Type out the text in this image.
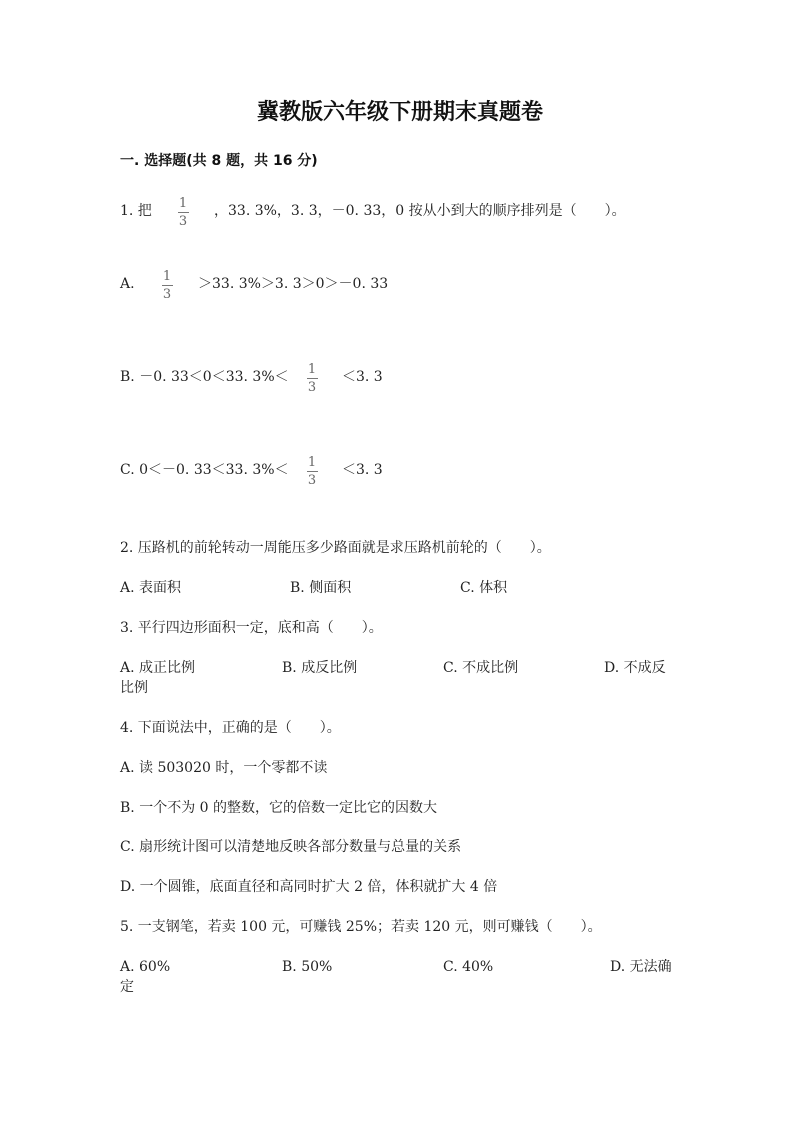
冀教版六年级下册期末真题卷
一. 选择题(共 8 题，共 16 分)
1. 把 1
3
，33. 3%，3. 3，－0. 33，0 按从小到大的顺序排列是（　　）。
A. 1
3
＞33. 3%＞3. 3＞0＞－0. 33
B. －0. 33＜0＜33. 3%＜ 1
3
＜3. 3
C. 0＜－0. 33＜33. 3%＜ 1
3
＜3. 3
2. 压路机的前轮转动一周能压多少路面就是求压路机前轮的（　　）。
A. 表面积	B. 侧面积	C. 体积
3. 平行四边形面积一定，底和高（　　）。
A. 成正比例	B. 成反比例	C. 不成比例	D. 不成反
比例
4. 下面说法中，正确的是（　　）。
A. 读 503020 时，一个零都不读
B. 一个不为 0 的整数，它的倍数一定比它的因数大
C. 扇形统计图可以清楚地反映各部分数量与总量的关系
D. 一个圆锥，底面直径和高同时扩大 2 倍，体积就扩大 4 倍
5. 一支钢笔，若卖 100 元，可赚钱 25%；若卖 120 元，则可赚钱（　　）。
A. 60%	B. 50%	C. 40%	D. 无法确
定
